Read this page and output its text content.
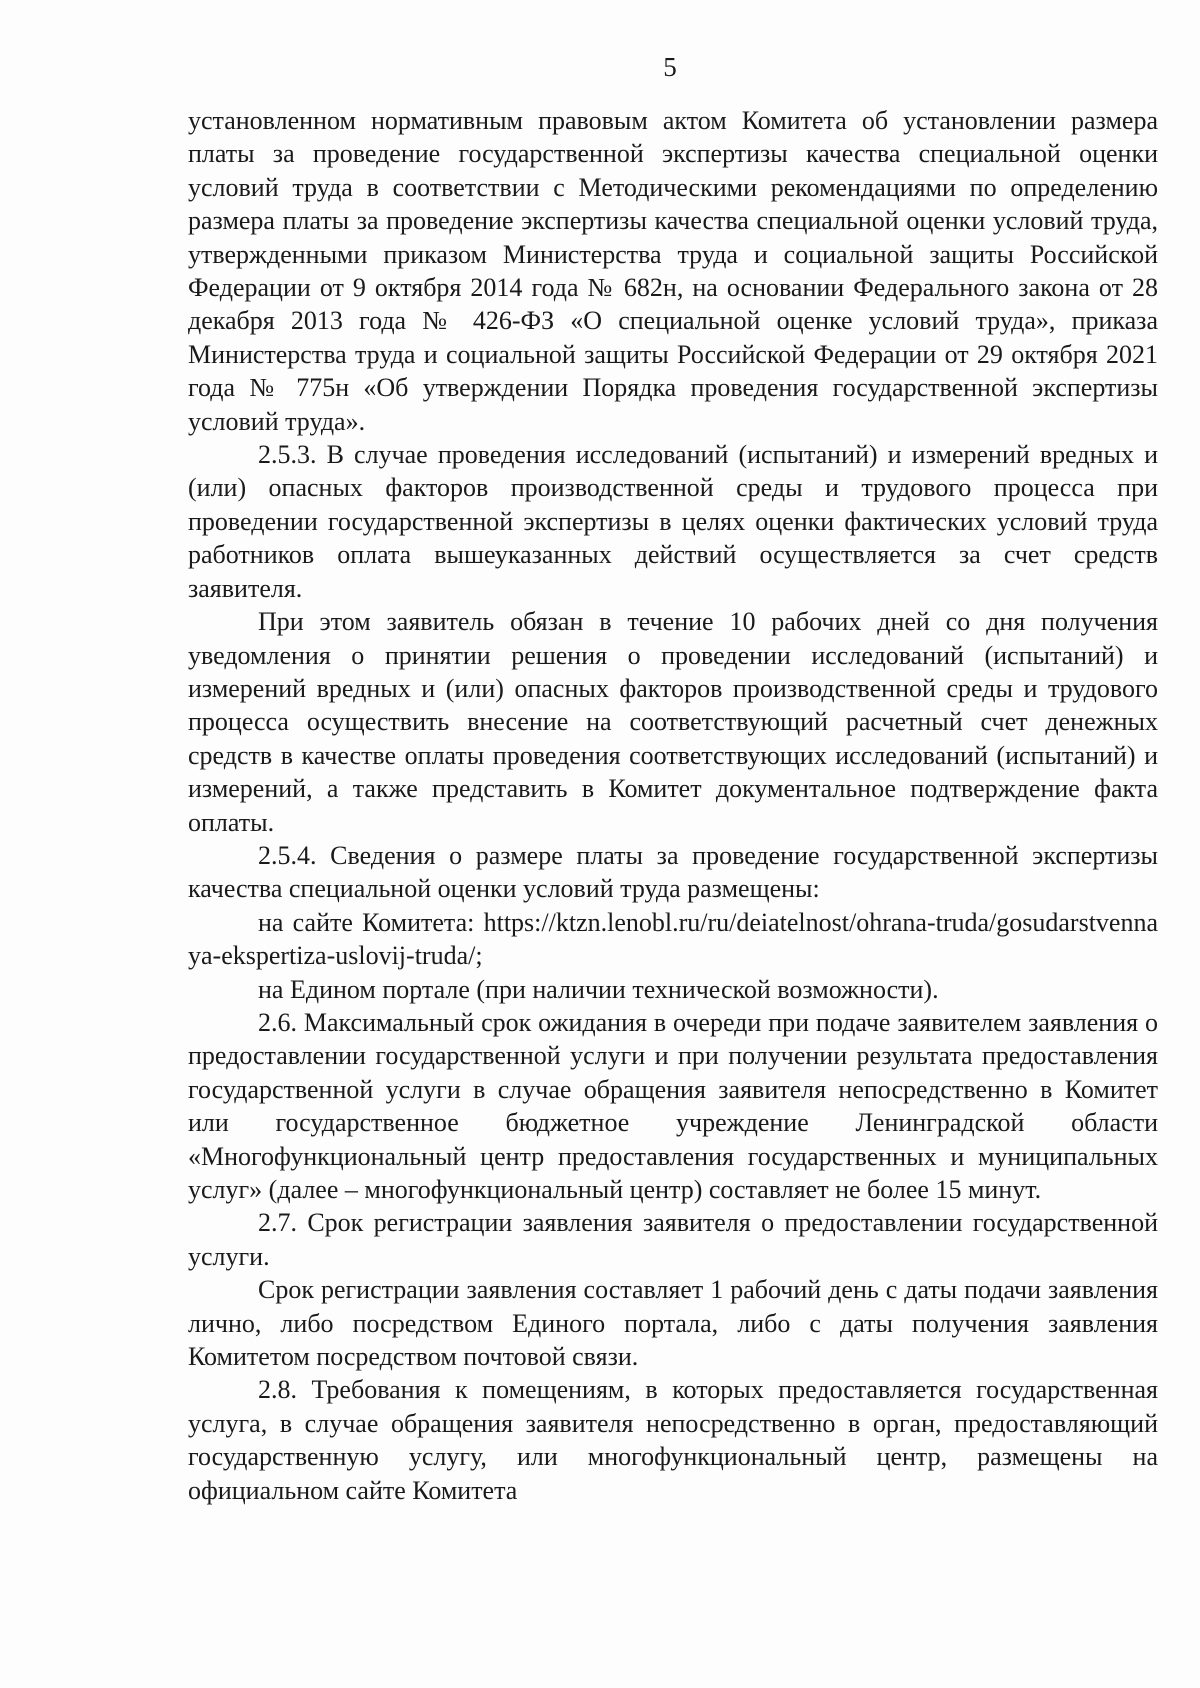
5

установленном нормативным правовым актом Комитета об установлении размера платы за проведение государственной экспертизы качества специальной оценки условий труда в соответствии с Методическими рекомендациями по определению размера платы за проведение экспертизы качества специальной оценки условий труда, утвержденными приказом Министерства труда и социальной защиты Российской Федерации от 9 октября 2014 года № 682н, на основании Федерального закона от 28 декабря 2013 года № 426-ФЗ «О специальной оценке условий труда», приказа Министерства труда и социальной защиты Российской Федерации от 29 октября 2021 года № 775н «Об утверждении Порядка проведения государственной экспертизы условий труда».

2.5.3. В случае проведения исследований (испытаний) и измерений вредных и (или) опасных факторов производственной среды и трудового процесса при проведении государственной экспертизы в целях оценки фактических условий труда работников оплата вышеуказанных действий осуществляется за счет средств заявителя.

При этом заявитель обязан в течение 10 рабочих дней со дня получения уведомления о принятии решения о проведении исследований (испытаний) и измерений вредных и (или) опасных факторов производственной среды и трудового процесса осуществить внесение на соответствующий расчетный счет денежных средств в качестве оплаты проведения соответствующих исследований (испытаний) и измерений, а также представить в Комитет документальное подтверждение факта оплаты.

2.5.4. Сведения о размере платы за проведение государственной экспертизы качества специальной оценки условий труда размещены:

на сайте Комитета: https://ktzn.lenobl.ru/ru/deiatelnost/ohrana-truda/gosudarstvennaya-ekspertiza-uslovij-truda/;

на Едином портале (при наличии технической возможности).

2.6. Максимальный срок ожидания в очереди при подаче заявителем заявления о предоставлении государственной услуги и при получении результата предоставления государственной услуги в случае обращения заявителя непосредственно в Комитет или государственное бюджетное учреждение Ленинградской области «Многофункциональный центр предоставления государственных и муниципальных услуг» (далее – многофункциональный центр) составляет не более 15 минут.

2.7. Срок регистрации заявления заявителя о предоставлении государственной услуги.

Срок регистрации заявления составляет 1 рабочий день с даты подачи заявления лично, либо посредством Единого портала, либо с даты получения заявления Комитетом посредством почтовой связи.

2.8. Требования к помещениям, в которых предоставляется государственная услуга, в случае обращения заявителя непосредственно в орган, предоставляющий государственную услугу, или многофункциональный центр, размещены на официальном сайте Комитета
